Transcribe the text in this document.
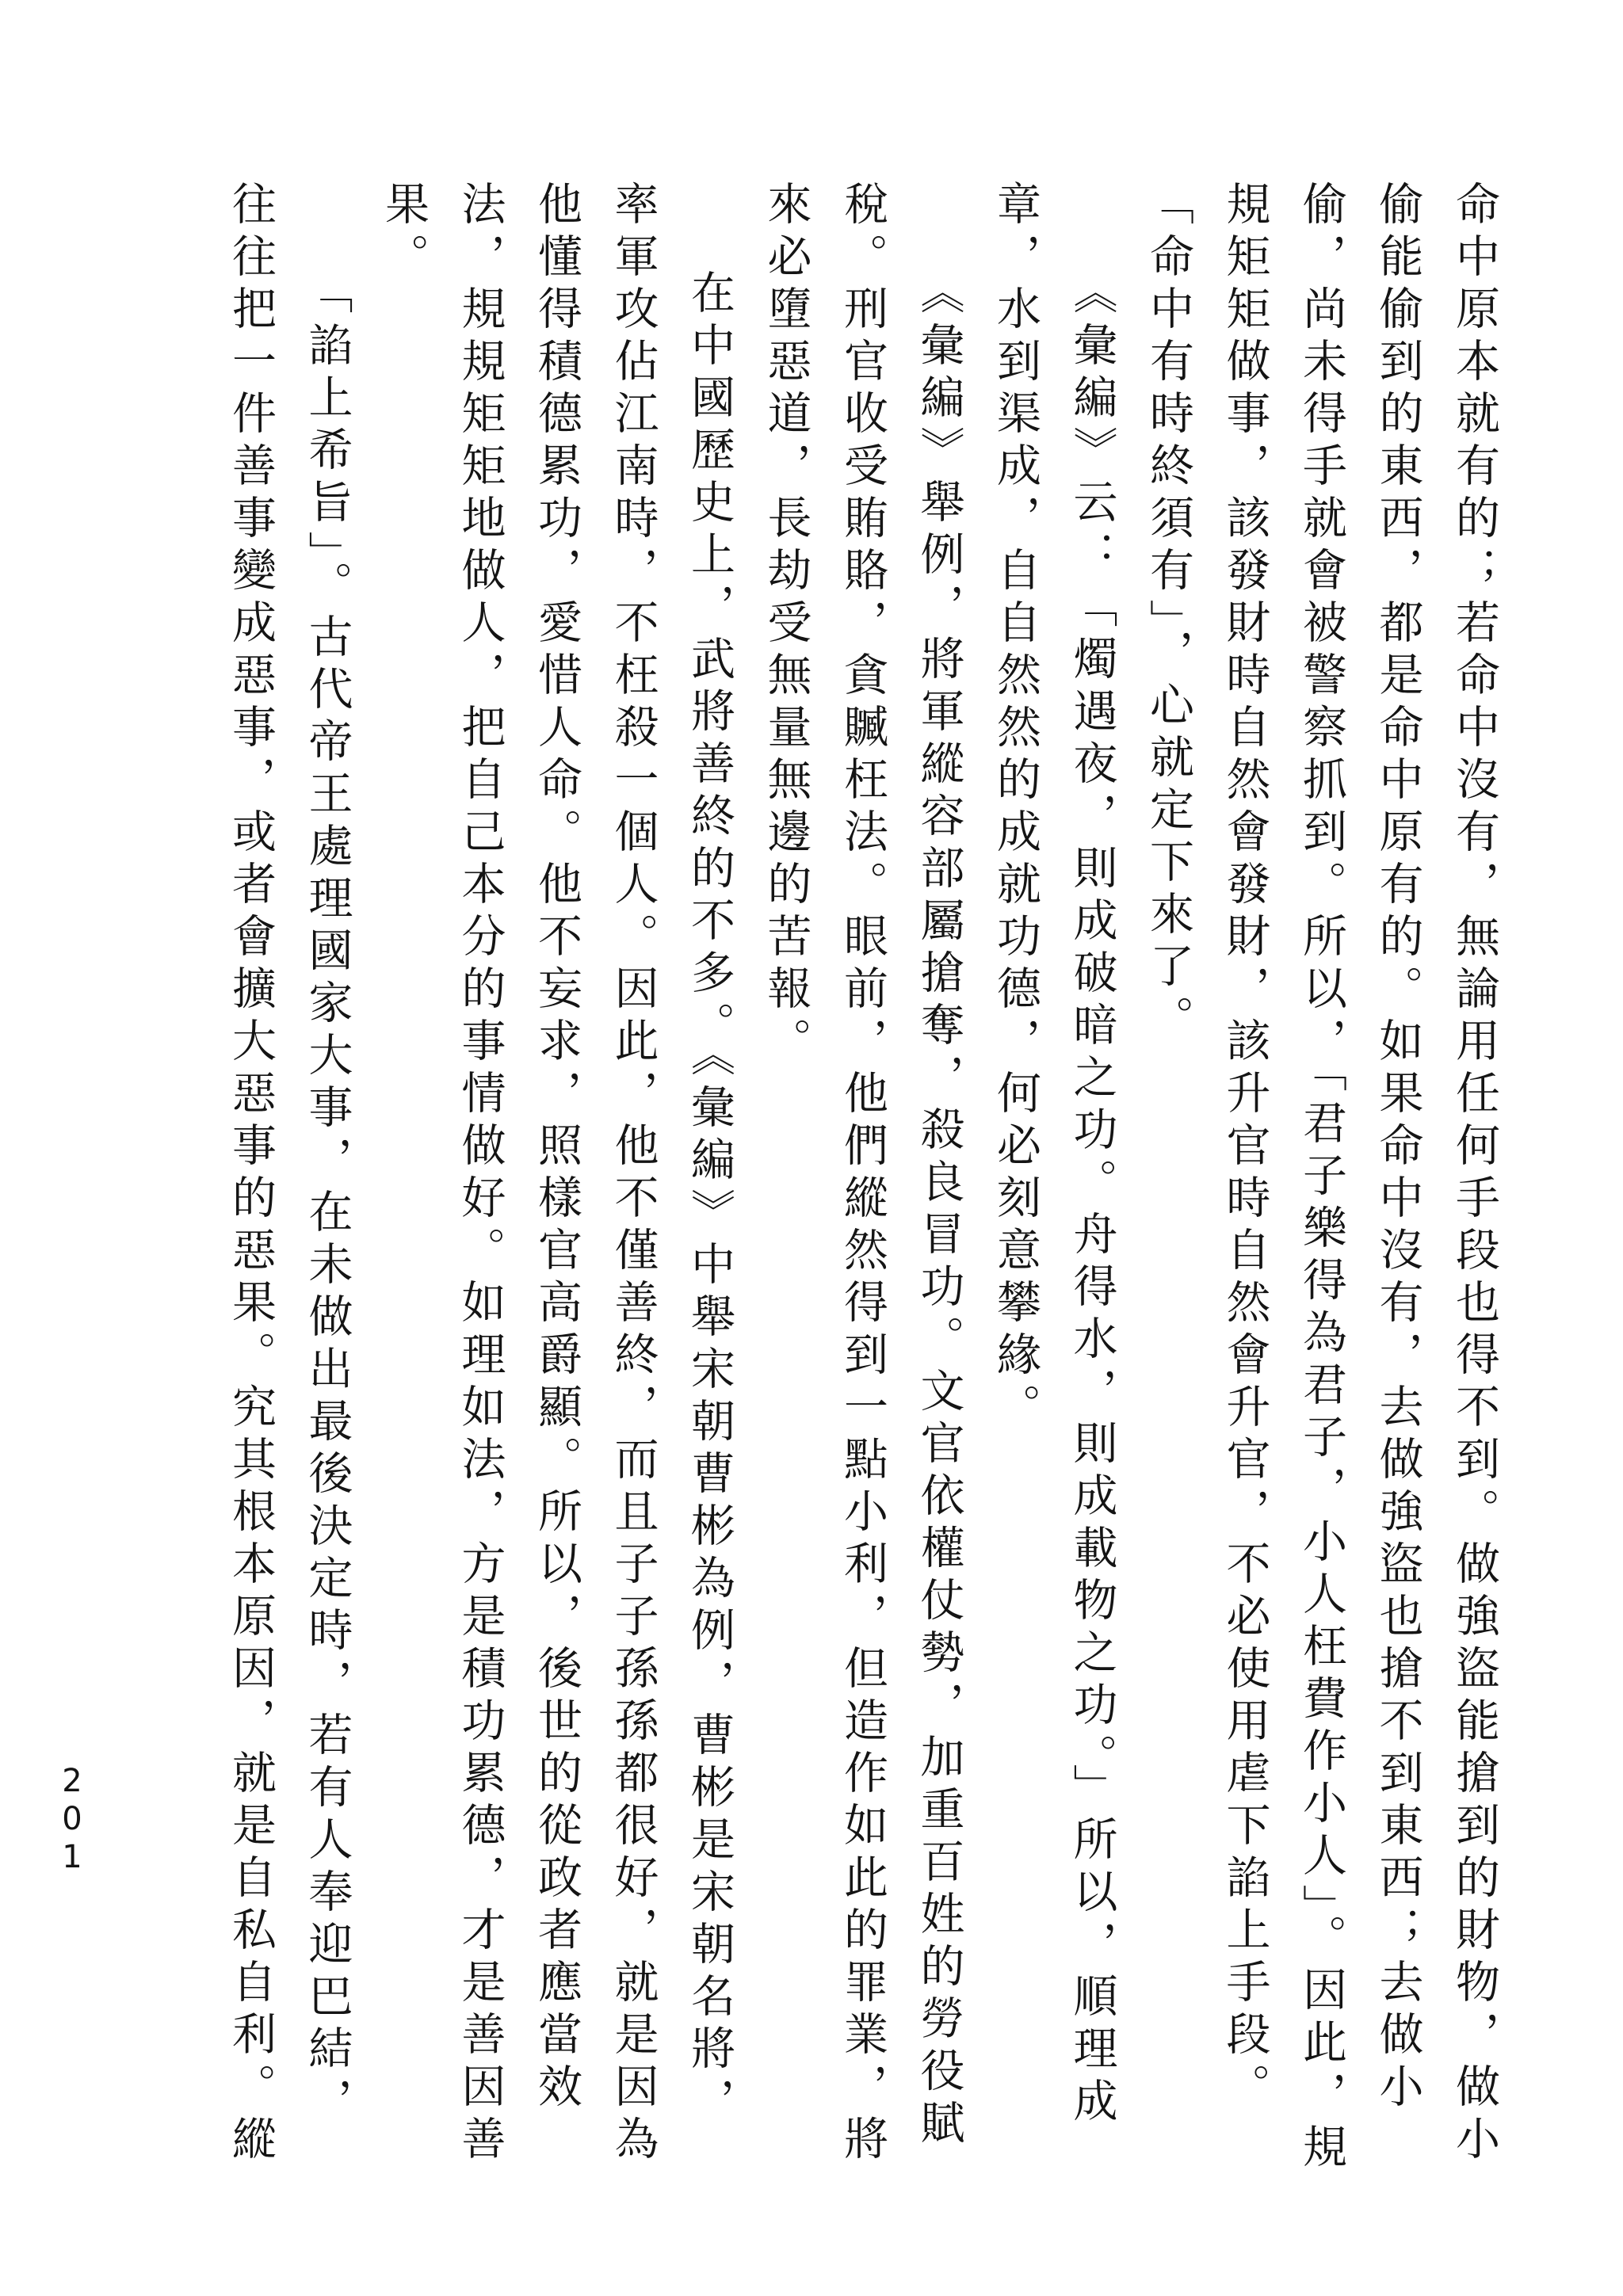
命中原本就有的；若命中沒有，無論用任何手段也得不到。做強盜能搶到的財物，做小偷能偷到的東西，都是命中原有的。如果命中沒有，去做強盜也搶不到東西；去做小偷，尚未得手就會被警察抓到。所以，「君子樂得為君子，小人枉費作小人」。因此，規規矩矩做事，該發財時自然會發財，該升官時自然會升官，不必使用虐下諂上手段。「命中有時終須有」，心就定下來了。

《彙編》云：「燭遇夜，則成破暗之功。舟得水，則成載物之功。」所以，順理成章，水到渠成，自自然然的成就功德，何必刻意攀緣。

《彙編》舉例，將軍縱容部屬搶奪，殺良冒功。文官依權仗勢，加重百姓的勞役賦稅。刑官收受賄賂，貪贓枉法。眼前，他們縱然得到一點小利，但造作如此的罪業，將來必墮惡道，長劫受無量無邊的苦報。

在中國歷史上，武將善終的不多。《彙編》中舉宋朝曹彬為例，曹彬是宋朝名將，率軍攻佔江南時，不枉殺一個人。因此，他不僅善終，而且子子孫孫都很好，就是因為他懂得積德累功，愛惜人命。他不妄求，照樣官高爵顯。所以，後世的從政者應當效法，規規矩矩地做人，把自己本分的事情做好。如理如法，方是積功累德，才是善因善果。

「諂上希旨」。古代帝王處理國家大事，在未做出最後決定時，若有人奉迎巴結，往往把一件善事變成惡事，或者會擴大惡事的惡果。究其根本原因，就是自私自利。縱

201
